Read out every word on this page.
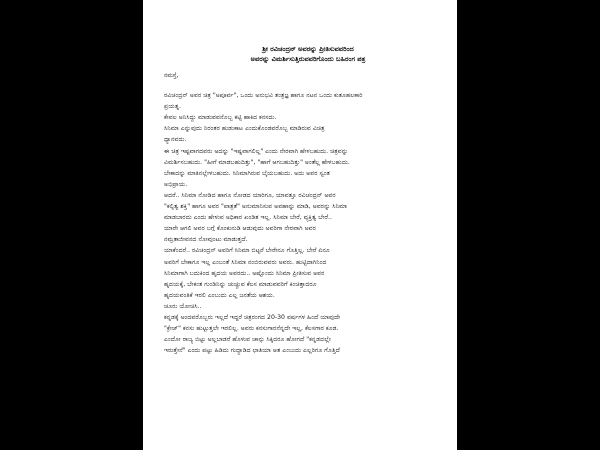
ಶ್ರೀ ರವಿಚಂದ್ರನ್ ಅವರನ್ನು ಪ್ರೀತಿಸುವವರಿಂದ
ಅವರನ್ನು ವಿಮರ್ಶಿಸುತ್ತಿರುವವರಿಗೊಂದು ಬಹಿರಂಗ ಪತ್ರ
ನಮಸ್ತೆ,
ರವಿಚಂದ್ರನ್ ಅವರ ಚಿತ್ರ "ಅಪೂರ್ವ", ಒಂದು ಅನುಭವಿ ತಂತ್ರಜ್ಞ ಹಾಗೂ ನಟನ ಒಂದು ಕುತೂಹಲಕಾರಿ
ಪ್ರಯತ್ನ.
ಕೇವಲ ಅನಿಸಿದ್ದು ಮಾಡುವವನೊಬ್ಬ ಕಟ್ಟಿ ಹಾಕಿದ ಕನಸದು.
ಸಿನಿಮಾ ಎನ್ನುವುದು ನಿರಂತರ ಹುಡುಕಾಟ ಎಂದುಕೊಂಡವರೊಬ್ಬ ಮಾಡಿರುವ ವಿಚಿತ್ರ
ಧ್ಯಾನವದು.
ಈ ಚಿತ್ರ ಇಷ್ಟವಾಗದವರು ಅದನ್ನು "ಇಷ್ಟವಾಗಲಿಲ್ಲ" ಎಂದು ನೇರವಾಗಿ ಹೇಳಬಹುದು. ಚಿತ್ರವನ್ನು
ವಿಮರ್ಶಿಸಬಹುದು. "ಹೀಗೆ ಮಾಡಬಹುದಿತ್ತು", "ಹಾಗೆ ಆಗಬಹುದಿತ್ತು" ಅಂತೆಲ್ಲ ಹೇಳಬಹುದು.
ಬೇಕಾದನ್ನು ಮಾತಿನಲ್ಲೇಳಬಹುದು. ಸಿನಿಮಾಗಿರುವ ಬೈಯಬಹುದು. ಅದು ಅವರ ಸ್ವಂತ
ಅಭಿಪ್ರಾಯ.
ಆದರೆ.. ಸಿನಿಮಾ ನೋಡಿದ ಹಾಗೂ ನೋಡದ ಯಾರಿಗೂ, ಯಾವತ್ತೂ ರವಿಚಂದ್ರನ್ ಅವರ
"ಕಲ್ಪಿತ್ವ ಶಕ್ತಿ" ಹಾಗೂ ಅವರ "ಪಾತ್ರತೆ" ಅನುಮಾನಿಸುವ ಅವಹಾನ್ನು ಮಾಡಿ, ಅವರನ್ನು ಸಿನಿಮಾ
ಮಾಡಬಾರದು ಎಂದು ಹೇಳುವ ಅಧಿಕಾರ ಖಂಡಿತ ಇಲ್ಲ. ಸಿನಿಮಾ ಬೇರೆ, ವ್ಯಕ್ತಿತ್ವ ಬೇರೆ..
ಯಾರೇ ಆಗಲಿ ಅವರ ಬಗ್ಗೆ ಕೊಂಕುನುಡಿ ಆಡುವುದು ಅವರಿಗಾ ನೇರವಾಗಿ ಅವರ
ನಮ್ರತಾಜೀವನದ ನೋವುಂಟು ಮಾಡುತ್ತದೆ.
ಯಾಕೆಂದರೆ.. ರವಿಚಂದ್ರನ್ ಅವರಿಗೆ ಸಿನಿಮಾ ಬಿಟ್ಟರೆ ಬೇರೇನೂ ಗೊತ್ತಿಲ್ಲ. ಬೇರೆ ಏನೂ
ಅವರಿಗೆ ಬೇಕಾಗೂ ಇಲ್ಲ ಎಂಬಂತೆ ಸಿನಿಮಾ ನಂಬಿರುವವರು ಅವರು. ಹುಟ್ಟಿದಾಗಿನಿಂದ
ಸಿನಿಮಾಗಾಗಿ ಬದುಕಿಂದ ಹೃದಯ ಅವರದು.. ಅಷ್ಟೊಂದು ಸಿನಿಮಾ ಪ್ರೀತಿಸುವ ಅವರ
ಹೃದಯಕ್ಕೆ, ಬೇಕಂತ ಗುಂಡಿನಿನ್ನು ಚುಚ್ಚುವ ಕೆಲಸ ಮಾಡುವವರಿಗೆ ಕಿಂಚಿತ್ತಾದರೂ
ಹೃದಯವಂತಿಕೆ ಇರಲಿ ಎಂಬುದು ಎಲ್ಲ ಜನತೆಯ ಆಶಯ.
ಚೂರು ಯೋಚಿಸಿ..
ಕನ್ನಡಕ್ಕೆ ಅಂದವರೊಬ್ಬರು ಇಲ್ಲದೆ ಇದ್ದರೆ ಚಿತ್ರರಂಗದ 20-30 ವರ್ಷಗಳ ಹಿಂದೆ ಯಾವುದೇ
"ಕ್ರೇಜ್" ಕನಸು ಹುಟ್ಟುತ್ತಲೇ ಇರಲಿಲ್ಲ. ಅವರು ಕನಸುಗಾರನೆನ್ನದೇ ಇಲ್ಲ, ಕೆಲಸಗಾರ ಕೂಡ.
ಎಂದೋ ರಾಜ್ಯ ಬಿಟ್ಟು ಅಲ್ಲಬಾಡರೆ ಹೊಳುವ ಚಾನ್ಸು ಸಿಕ್ಕಿದರೂ ಹೋಗದೆ "ಕನ್ನಡದಲ್ಲೇ
ಇರುತ್ತೇನೆ" ಎಂದು ಪಟ್ಟು ಹಿಡಿದು ಗುದ್ದಾಡಿದ ಛಾತಿಯಾ ಆತ ಎಂಬುದು ಎಲ್ಲರಿಗೂ ಗೊತ್ತಿದೆ
